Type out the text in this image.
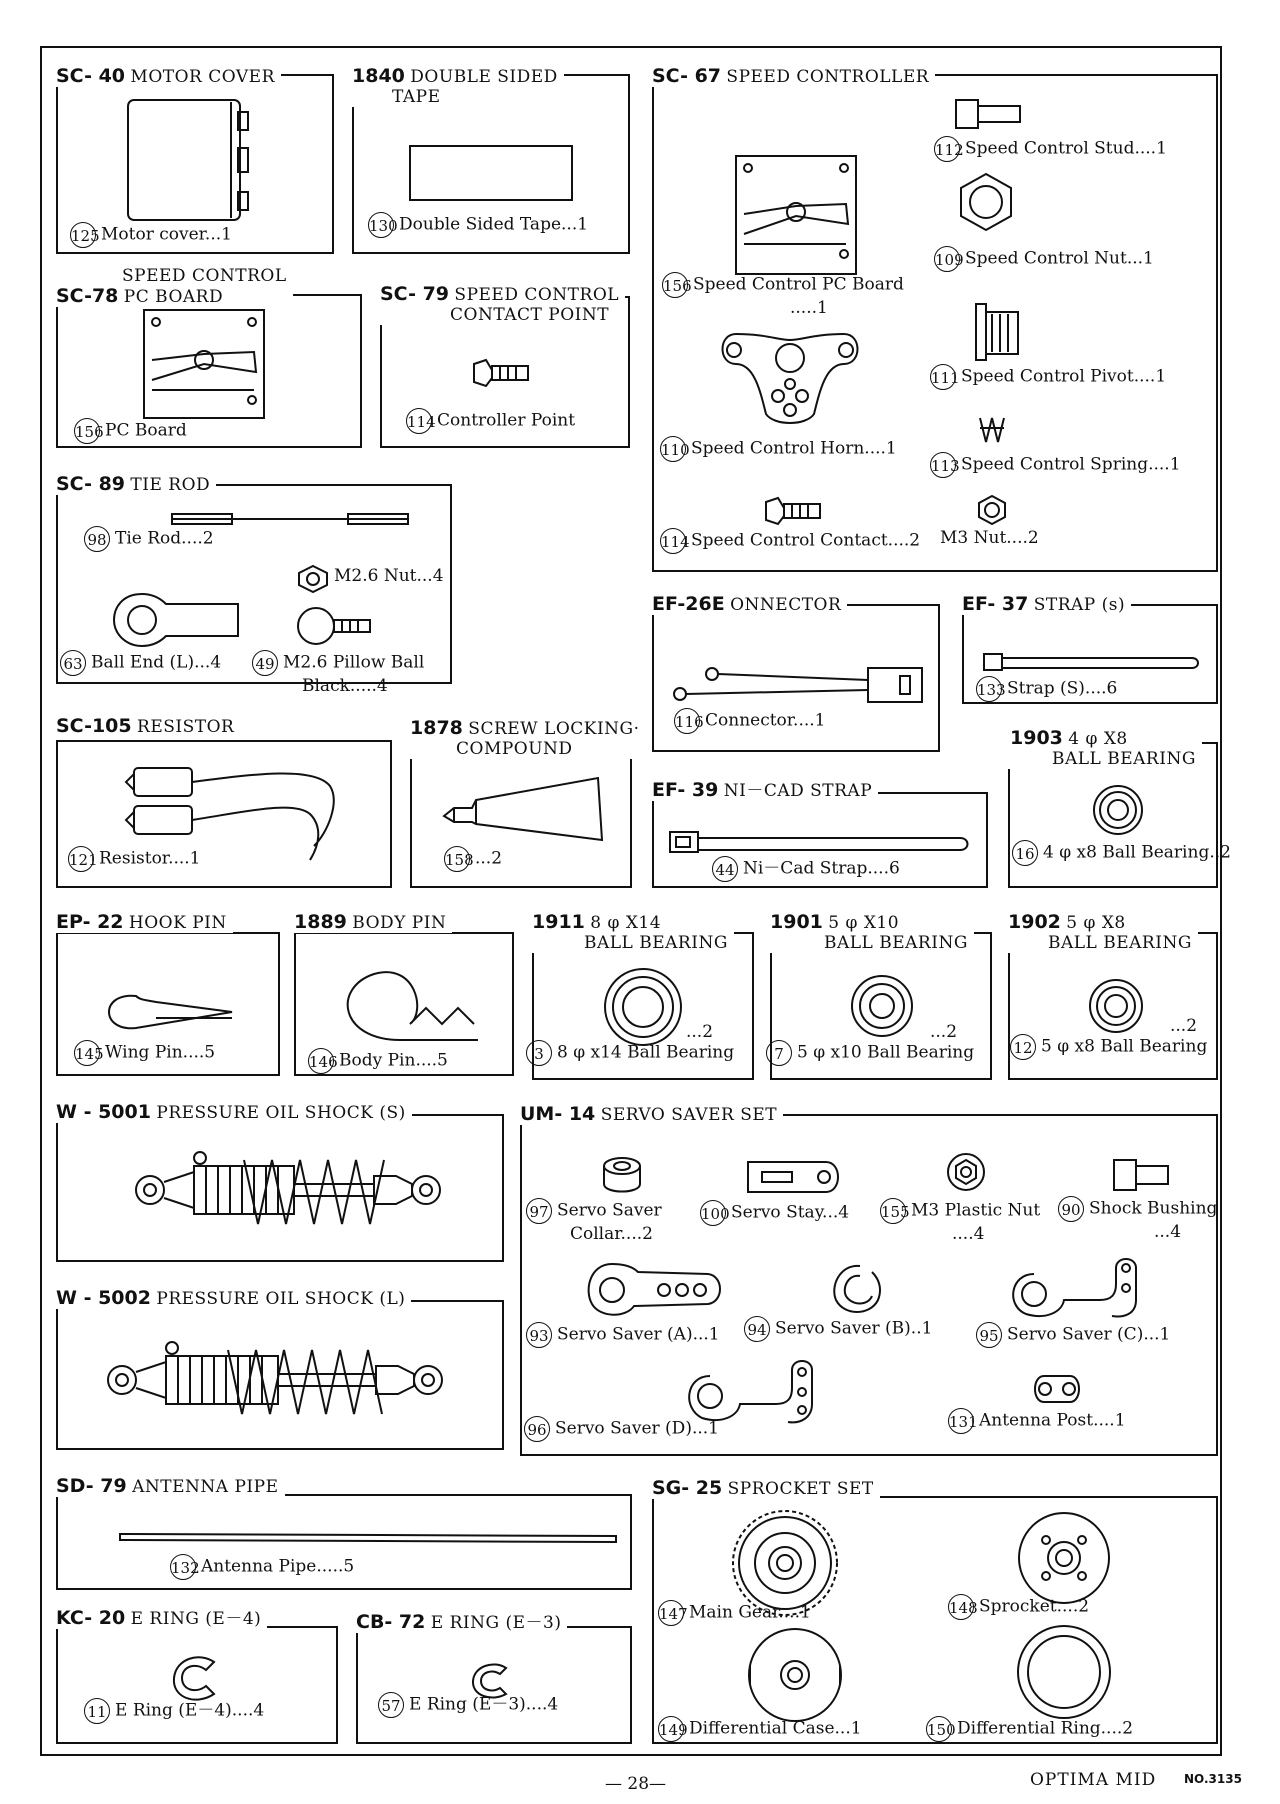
SC- 40 MOTOR COVER
125Motor cover...1
1840 DOUBLE SIDED
TAPE
130Double Sided Tape...1
SC- 67 SPEED CONTROLLER
112Speed Control Stud....1
109Speed Control Nut...1
156Speed Control PC Board
.....1
111Speed Control Pivot....1
110Speed Control Horn....1
113Speed Control Spring....1
114Speed Control Contact....2 M3 Nut....2
SPEED CONTROL
SC-78 PC BOARD
156PC Board
SC- 79 SPEED CONTROL
CONTACT POINT
114Controller Point
SC- 89 TIE ROD
98 Tie Rod....2
M2.6 Nut...4
63 Ball End (L)...4 49 M2.6 Pillow Ball
Black.....4
EF-26E ONNECTOR
116Connector....1
EF- 37 STRAP (s)
133Strap (S)....6
SC-105 RESISTOR
121Resistor....1
1878 SCREW LOCKING·
COMPOUND
158...2
EF- 39 NI－CAD STRAP
44 Ni－Cad Strap....6
1903 4 φ X8
BALL BEARING
16 4 φ x8 Ball Bearing..2
EP- 22 HOOK PIN
145Wing Pin....5
1889 BODY PIN
146Body Pin....5
1911 8 φ X14
BALL BEARING
...2
3 8 φ x14 Ball Bearing
1901 5 φ X10
BALL BEARING
...2
7 5 φ x10 Ball Bearing
1902 5 φ X8
BALL BEARING
...2
12 5 φ x8 Ball Bearing
W - 5001 PRESSURE OIL SHOCK (S)
W - 5002 PRESSURE OIL SHOCK (L)
UM- 14 SERVO SAVER SET
97 Servo Saver
Collar....2
100Servo Stay...4 155M3 Plastic Nut
....4
90 Shock Bushing
...4
93 Servo Saver (A)...1 94 Servo Saver (B)..1	95 Servo Saver (C)...1
96 Servo Saver (D)...1	131Antenna Post....1
SD- 79 ANTENNA PIPE
132Antenna Pipe.....5
SG- 25 SPROCKET SET
147Main Gear....1	148Sprocket....2
149Differential Case...1	150Differential Ring....2
KC- 20 E RING (E－4)
11 E Ring (E－4)....4
CB- 72 E RING (E－3)
57 E Ring (E－3)....4
— 28—	OPTIMA MID NO.3135
